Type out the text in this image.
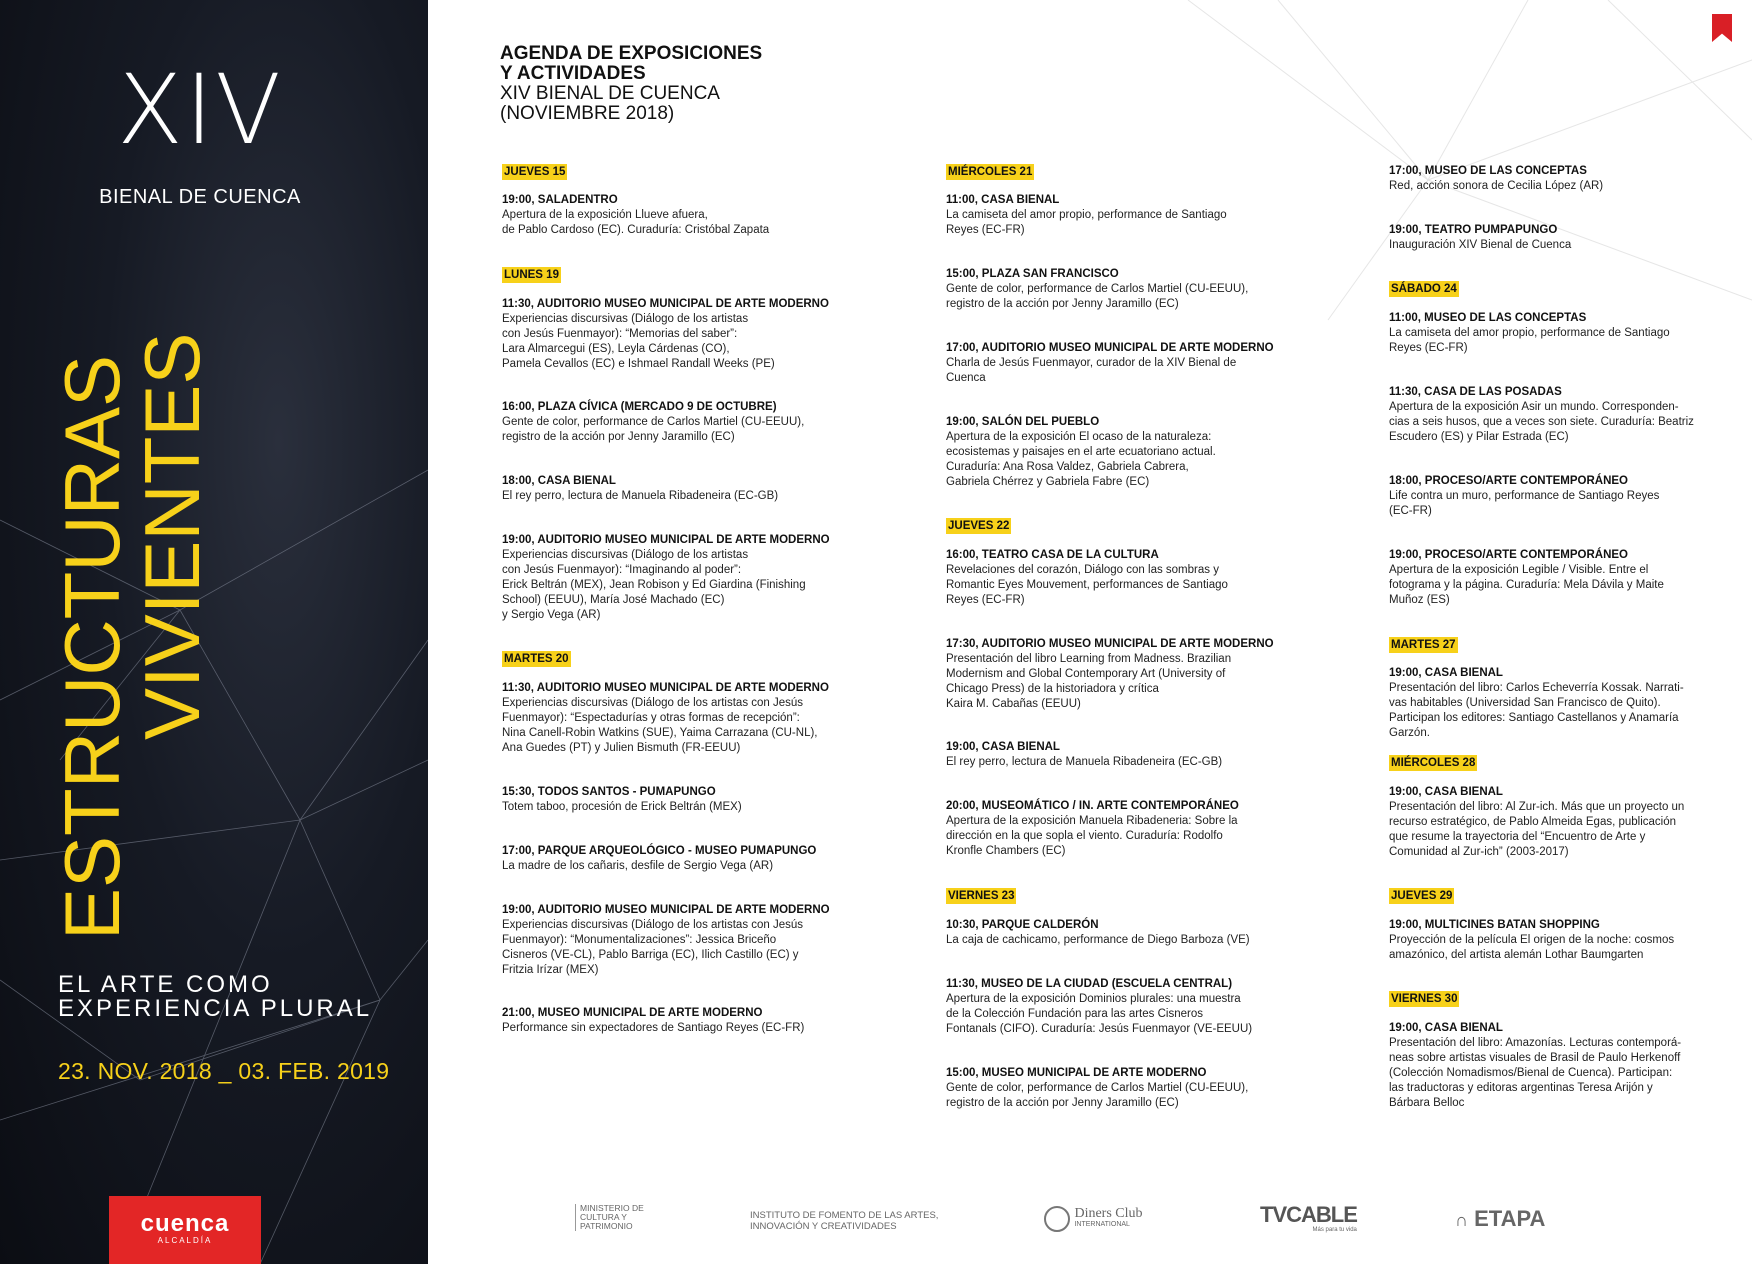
XIV
BIENAL DE CUENCA
ESTRUCTURAS
VIVIENTES
EL ARTE COMO
EXPERIENCIA PLURAL
23. NOV. 2018 _ 03. FEB. 2019
cuenca
ALCALDÍA
AGENDA DE EXPOSICIONES
Y ACTIVIDADES
XIV BIENAL DE CUENCA
(NOVIEMBRE 2018)
JUEVES 15
19:00, SALADENTRO
Apertura de la exposición Llueve afuera,
de Pablo Cardoso (EC). Curaduría: Cristóbal Zapata
LUNES 19
11:30, AUDITORIO MUSEO MUNICIPAL DE ARTE MODERNO
Experiencias discursivas (Diálogo de los artistas
con Jesús Fuenmayor): “Memorias del saber”:
Lara Almarcegui (ES), Leyla Cárdenas (CO),
Pamela Cevallos (EC) e Ishmael Randall Weeks (PE)
16:00, PLAZA CÍVICA (MERCADO 9 DE OCTUBRE)
Gente de color, performance de Carlos Martiel (CU-EEUU),
registro de la acción por Jenny Jaramillo (EC)
18:00, CASA BIENAL
El rey perro, lectura de Manuela Ribadeneira (EC-GB)
19:00, AUDITORIO MUSEO MUNICIPAL DE ARTE MODERNO
Experiencias discursivas (Diálogo de los artistas
con Jesús Fuenmayor): “Imaginando al poder”:
Erick Beltrán (MEX), Jean Robison y Ed Giardina (Finishing
School) (EEUU), María José Machado (EC)
y Sergio Vega (AR)
MARTES 20
11:30, AUDITORIO MUSEO MUNICIPAL DE ARTE MODERNO
Experiencias discursivas (Diálogo de los artistas con Jesús
Fuenmayor): “Espectadurías y otras formas de recepción”:
Nina Canell-Robin Watkins (SUE), Yaima Carrazana (CU-NL),
Ana Guedes (PT) y Julien Bismuth (FR-EEUU)
15:30, TODOS SANTOS - PUMAPUNGO
Totem taboo, procesión de Erick Beltrán (MEX)
17:00, PARQUE ARQUEOLÓGICO - MUSEO PUMAPUNGO
La madre de los cañaris, desfile de Sergio Vega (AR)
19:00, AUDITORIO MUSEO MUNICIPAL DE ARTE MODERNO
Experiencias discursivas (Diálogo de los artistas con Jesús
Fuenmayor): “Monumentalizaciones”: Jessica Briceño
Cisneros (VE-CL), Pablo Barriga (EC), Ilich Castillo (EC) y
Fritzia Irízar (MEX)
21:00, MUSEO MUNICIPAL DE ARTE MODERNO
Performance sin expectadores de Santiago Reyes (EC-FR)
MIÉRCOLES 21
11:00, CASA BIENAL
La camiseta del amor propio, performance de Santiago
Reyes (EC-FR)
15:00, PLAZA SAN FRANCISCO
Gente de color, performance de Carlos Martiel (CU-EEUU),
registro de la acción por Jenny Jaramillo (EC)
17:00, AUDITORIO MUSEO MUNICIPAL DE ARTE MODERNO
Charla de Jesús Fuenmayor, curador de la XIV Bienal de
Cuenca
19:00, SALÓN DEL PUEBLO
Apertura de la exposición El ocaso de la naturaleza:
ecosistemas y paisajes en el arte ecuatoriano actual.
Curaduría: Ana Rosa Valdez, Gabriela Cabrera,
Gabriela Chérrez y Gabriela Fabre (EC)
JUEVES 22
16:00, TEATRO CASA DE LA CULTURA
Revelaciones del corazón, Diálogo con las sombras y
Romantic Eyes Mouvement, performances de Santiago
Reyes (EC-FR)
17:30, AUDITORIO MUSEO MUNICIPAL DE ARTE MODERNO
Presentación del libro Learning from Madness. Brazilian
Modernism and Global Contemporary Art (University of
Chicago Press) de la historiadora y crítica
Kaira M. Cabañas (EEUU)
19:00, CASA BIENAL
El rey perro, lectura de Manuela Ribadeneira (EC-GB)
20:00, MUSEOMÁTICO / IN. ARTE CONTEMPORÁNEO
Apertura de la exposición Manuela Ribadeneria: Sobre la
dirección en la que sopla el viento. Curaduría: Rodolfo
Kronfle Chambers (EC)
VIERNES 23
10:30, PARQUE CALDERÓN
La caja de cachicamo, performance de Diego Barboza (VE)
11:30, MUSEO DE LA CIUDAD (ESCUELA CENTRAL)
Apertura de la exposición Dominios plurales: una muestra
de la Colección Fundación para las artes Cisneros
Fontanals (CIFO). Curaduría: Jesús Fuenmayor (VE-EEUU)
15:00, MUSEO MUNICIPAL DE ARTE MODERNO
Gente de color, performance de Carlos Martiel (CU-EEUU),
registro de la acción por Jenny Jaramillo (EC)
17:00, MUSEO DE LAS CONCEPTAS
Red, acción sonora de Cecilia López (AR)
19:00, TEATRO PUMPAPUNGO
Inauguración XIV Bienal de Cuenca
SÁBADO 24
11:00, MUSEO DE LAS CONCEPTAS
La camiseta del amor propio, performance de Santiago
Reyes (EC-FR)
11:30, CASA DE LAS POSADAS
Apertura de la exposición Asir un mundo. Corresponden-
cias a seis husos, que a veces son siete. Curaduría: Beatriz
Escudero (ES) y Pilar Estrada (EC)
18:00, PROCESO/ARTE CONTEMPORÁNEO
Life contra un muro, performance de Santiago Reyes
(EC-FR)
19:00, PROCESO/ARTE CONTEMPORÁNEO
Apertura de la exposición Legible / Visible. Entre el
fotograma y la página. Curaduría: Mela Dávila y Maite
Muñoz (ES)
MARTES 27
19:00, CASA BIENAL
Presentación del libro: Carlos Echeverría Kossak. Narrati-
vas habitables (Universidad San Francisco de Quito).
Participan los editores: Santiago Castellanos y Anamaría
Garzón.
MIÉRCOLES 28
19:00, CASA BIENAL
Presentación del libro: Al Zur-ich. Más que un proyecto un
recurso estratégico, de Pablo Almeida Egas, publicación
que resume la trayectoria del “Encuentro de Arte y
Comunidad al Zur-ich” (2003-2017)
JUEVES 29
19:00, MULTICINES BATAN SHOPPING
Proyección de la película El origen de la noche: cosmos
amazónico, del artista alemán Lothar Baumgarten
VIERNES 30
19:00, CASA BIENAL
Presentación del libro: Amazonías. Lecturas contemporá-
neas sobre artistas visuales de Brasil de Paulo Herkenoff
(Colección Nomadismos/Bienal de Cuenca). Participan:
las traductoras y editoras argentinas Teresa Arijón y
Bárbara Belloc
MINISTERIO DE
CULTURA Y
PATRIMONIO
INSTITUTO DE FOMENTO DE LAS ARTES,
INNOVACIÓN Y CREATIVIDADES

Diners Club
INTERNATIONAL	TVCABLE
Más para tu vida	∩ ETAPA
